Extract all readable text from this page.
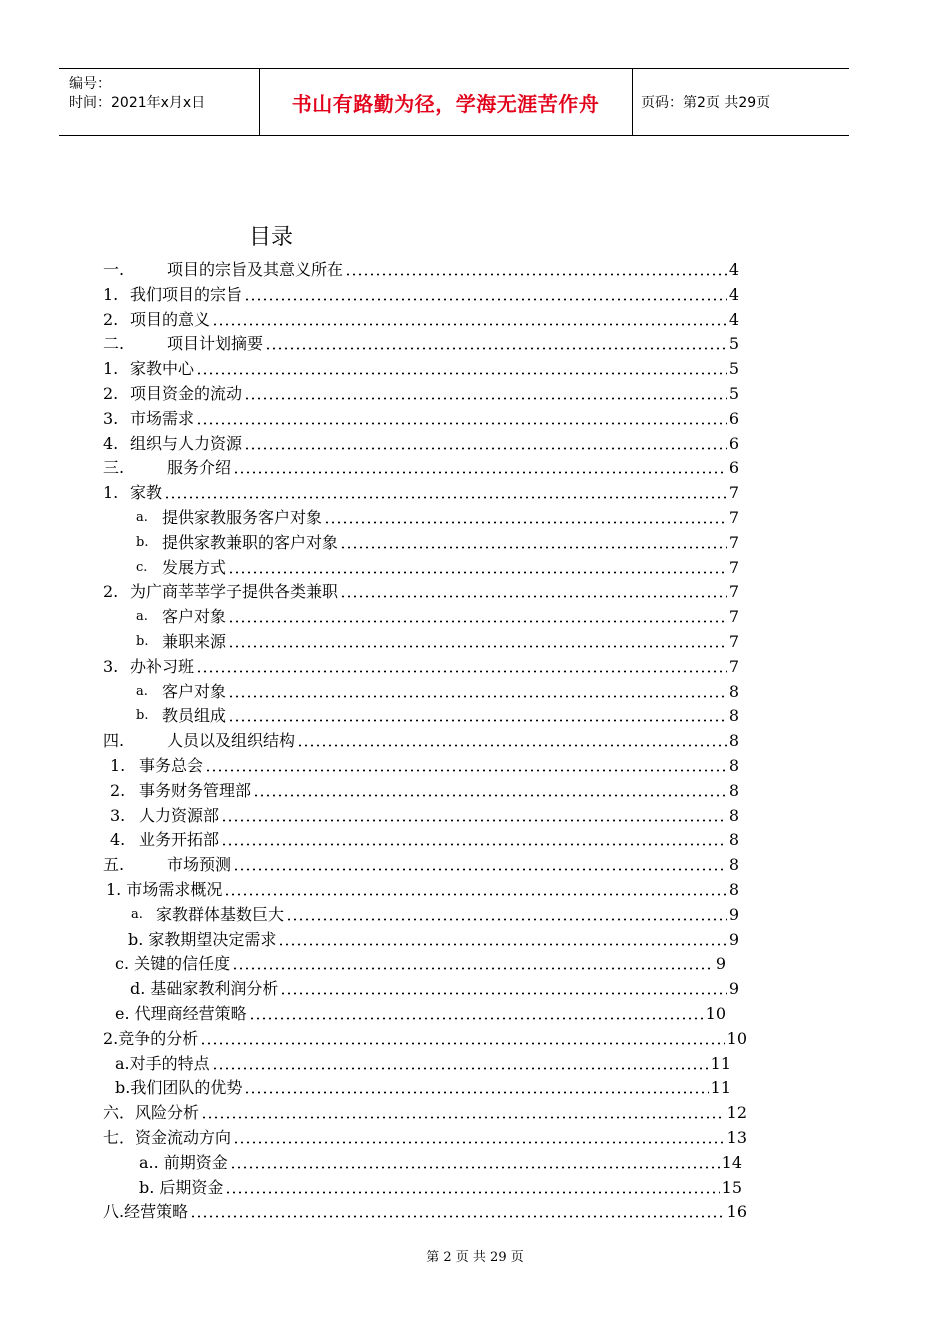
编号：
时间：2021年x月x日	书山有路勤为径，学海无涯苦作舟	页码：第2页 共29页
目录
一.	项目的宗旨及其意义所在	4
1. 我们项目的宗旨	4
2. 项目的意义	4
二.	项目计划摘要	5
1. 家教中心	5
2. 项目资金的流动	5
3. 市场需求	6
4. 组织与人力资源	6
三.	服务介绍	6
1. 家教	7
a. 提供家教服务客户对象	7
b. 提供家教兼职的客户对象	7
c. 发展方式	7
2. 为广商莘莘学子提供各类兼职	7
a. 客户对象	7
b. 兼职来源	7
3. 办补习班	7
a. 客户对象	8
b. 教员组成	8
四.	人员以及组织结构	8
1. 事务总会	8
2. 事务财务管理部	8
3. 人力资源部	8
4. 业务开拓部	8
五.	市场预测	8
1. 市场需求概况	8
a. 家教群体基数巨大	9
b. 家教期望决定需求	9
c. 关键的信任度	9
d. 基础家教利润分析	9
e. 代理商经营策略	10
2.竞争的分析	10
a.对手的特点	11
b.我们团队的优势	11
六．风险分析	12
七．资金流动方向	13
a.. 前期资金	14
b. 后期资金	15
八.经营策略	16
第 2 页 共 29 页
